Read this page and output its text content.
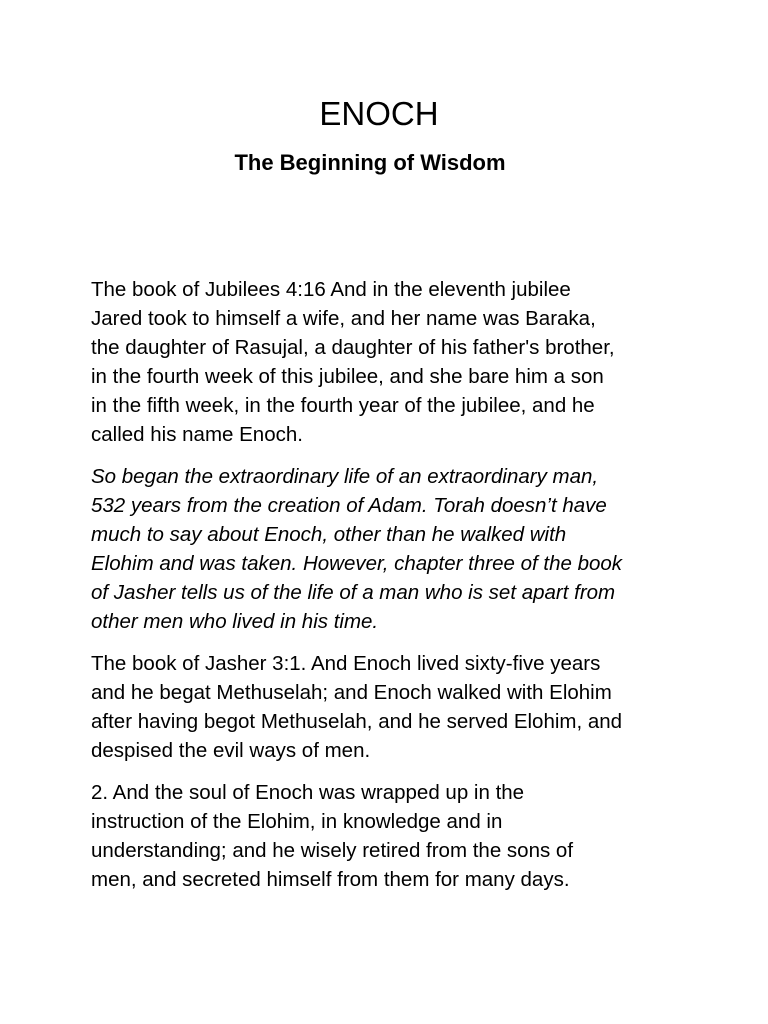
ENOCH
The Beginning of Wisdom

The book of Jubilees 4:16 And in the eleventh jubilee
Jared took to himself a wife, and her name was Baraka,
the daughter of Rasujal, a daughter of his father's brother,
in the fourth week of this jubilee, and she bare him a son
in the fifth week, in the fourth year of the jubilee, and he
called his name Enoch.

So began the extraordinary life of an extraordinary man,
532 years from the creation of Adam. Torah doesn’t have
much to say about Enoch, other than he walked with
Elohim and was taken. However, chapter three of the book
of Jasher tells us of the life of a man who is set apart from
other men who lived in his time.

The book of Jasher 3:1. And Enoch lived sixty-five years
and he begat Methuselah; and Enoch walked with Elohim
after having begot Methuselah, and he served Elohim, and
despised the evil ways of men.

2. And the soul of Enoch was wrapped up in the
instruction of the Elohim, in knowledge and in
understanding; and he wisely retired from the sons of
men, and secreted himself from them for many days.
